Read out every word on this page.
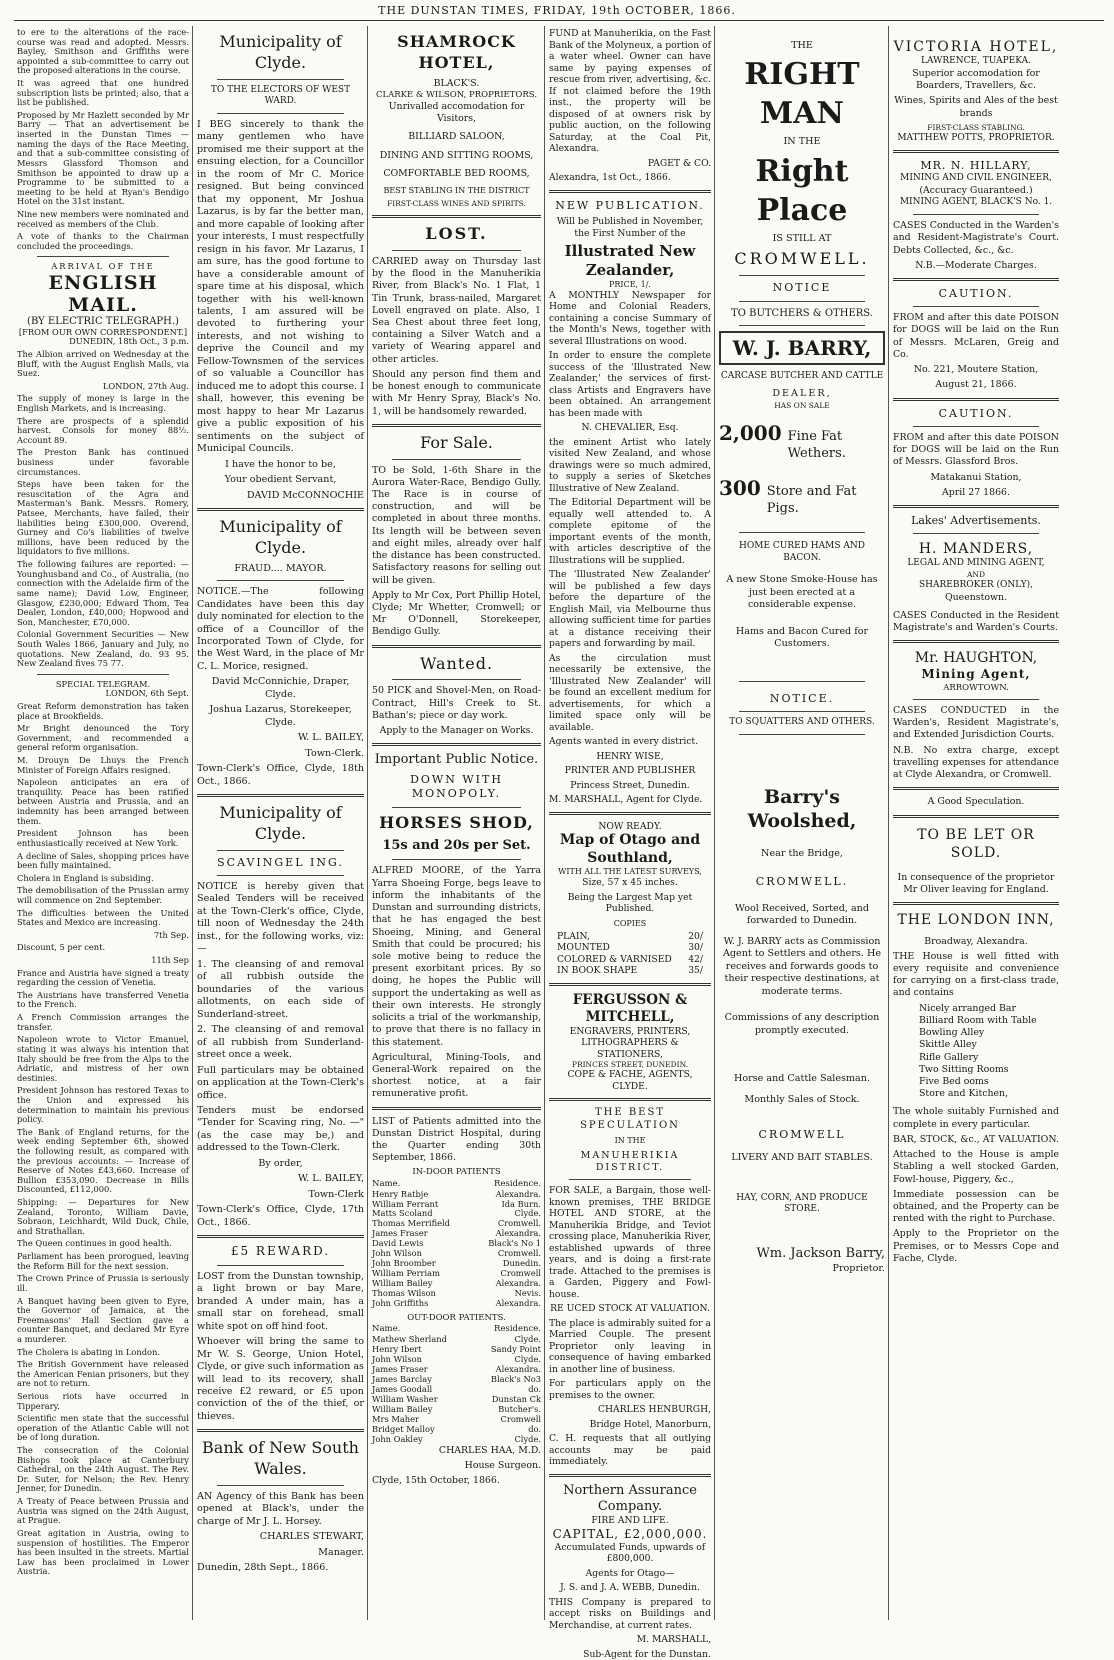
THE DUNSTAN TIMES, FRIDAY, 19th OCTOBER, 1866.

to ere to the alterations of the race-course was read and adopted. Messrs. Bayley, Smithson and Griffiths were appointed a sub-committee to carry out the proposed alterations in the course.

It was agreed that one hundred subscription lists be printed; also, that a list be published.

Proposed by Mr Hazlett seconded by Mr Barry — That an advertisement be inserted in the Dunstan Times — naming the days of the Race Meeting, and that a sub-committee consisting of Messrs Glassford Thomson and Smithson be appointed to draw up a Programme to be submitted to a meeting to be held at Ryan's Bendigo Hotel on the 31st instant.

Nine new members were nominated and received as members of the Club.

A vote of thanks to the Chairman concluded the proceedings.

ARRIVAL OF THE
ENGLISH MAIL.
(BY ELECTRIC TELEGRAPH.)
[FROM OUR OWN CORRESPONDENT.]

DUNEDIN, 18th Oct., 3 p.m.

The Albion arrived on Wednesday at the Bluff, with the August English Mails, via Suez.

LONDON, 27th Aug.

The supply of money is large in the English Markets, and is increasing.

There are prospects of a splendid harvest. Consols for money 88½. Account 89.

The Preston Bank has continued business under favorable circumstances.

Steps have been taken for the resuscitation of the Agra and Masterman's Bank. Messrs. Romery, Patsee, Merchants, have failed, their liabilities being £300,000. Overend, Gurney and Co's liabilities of twelve millions, have been reduced by the liquidators to five millions.

The following failures are reported: — Younghusband and Co., of Australia, (no connection with the Adelaide firm of the same name); David Low, Engineer, Glasgow, £230,000; Edward Thom, Tea Dealer, London, £40,000; Hopwood and Son, Manchester, £70,000.

Colonial Government Securities — New South Wales 1866, January and July, no quotations. New Zealand, do. 93 95. New Zealand fives 75 77.

SPECIAL TELEGRAM.

LONDON, 6th Sept.

Great Reform demonstration has taken place at Brookfields.

Mr Bright denounced the Tory Government, and recommended a general reform organisation.

M. Drouyn De Lhuys the French Minister of Foreign Affairs resigned.

Napoleon anticipates an era of tranquility. Peace has been ratified between Austria and Prussia, and an indemnity has been arranged between them.

President Johnson has been enthusiastically received at New York.

A decline of Sales, shopping prices have been fully maintained.

Cholera in England is subsiding.

The demobilisation of the Prussian army will commence on 2nd September.

The difficulties between the United States and Mexico are increasing.

7th Sep.

Discount, 5 per cent.

11th Sep

France and Austria have signed a treaty regarding the cession of Venetia.

The Austrians have transferred Venetia to the French.

A French Commission arranges the transfer.

Napoleon wrote to Victor Emanuel, stating it was always his intention that Italy should be free from the Alps to the Adriatic, and mistress of her own destinies.

President Johnson has restored Texas to the Union and expressed his determination to maintain his previous policy.

The Bank of England returns, for the week ending September 6th, showed the following result, as compared with the previous accounts: — Increase of Reserve of Notes £43,660. Increase of Bullion £353,090. Decrease in Bills Discounted, £112,000.

Shipping: — Departures for New Zealand, Toronto, William Davie, Sobraon, Leichhardt, Wild Duck, Chile, and Strathallan.

The Queen continues in good health.

Parliament has been prorogued, leaving the Reform Bill for the next session.

The Crown Prince of Prussia is seriously ill.

A Banquet having been given to Eyre, the Governor of Jamaica, at the Freemasons' Hall Section gave a counter Banquet, and declared Mr Eyre a murderer.

The Cholera is abating in London.

The British Government have released the American Fenian prisoners, but they are not to return.

Serious riots have occurred in Tipperary.

Scientific men state that the successful operation of the Atlantic Cable will not be of long duration.

The consecration of the Colonial Bishops took place at Canterbury Cathedral, on the 24th August. The Rev. Dr. Suter, for Nelson; the Rev. Henry Jenner, for Dunedin.

A Treaty of Peace between Prussia and Austria was signed on the 24th August, at Prague.

Great agitation in Austria, owing to suspension of hostilities. The Emperor has been insulted in the streets. Martial Law has been proclaimed in Lower Austria.

Municipality of Clyde.
TO THE ELECTORS OF WEST WARD.

I BEG sincerely to thank the many gentlemen who have promised me their support at the ensuing election, for a Councillor in the room of Mr C. Morice resigned. But being convinced that my opponent, Mr Joshua Lazarus, is by far the better man, and more capable of looking after your interests, I must respectfully resign in his favor. Mr Lazarus, I am sure, has the good fortune to have a considerable amount of spare time at his disposal, which together with his well-known talents, I am assured will be devoted to furthering your interests, and not wishing to deprive the Council and my Fellow-Townsmen of the services of so valuable a Councillor has induced me to adopt this course. I shall, however, this evening be most happy to hear Mr Lazarus give a public exposition of his sentiments on the subject of Municipal Councils.

I have the honor to be,

Your obedient Servant,

DAVID McCONNOCHIE

Municipality of Clyde.
FRAUD.... MAYOR.

NOTICE.—The following Candidates have been this day duly nominated for election to the office of a Councillor of the Incorporated Town of Clyde, for the West Ward, in the place of Mr C. L. Morice, resigned.

David McConnichie, Draper, Clyde.

Joshua Lazarus, Storekeeper, Clyde.

W. L. BAILEY,

Town-Clerk.

Town-Clerk's Office, Clyde, 18th Oct., 1866.

Municipality of Clyde.
SCAVINGEL ING.

NOTICE is hereby given that Sealed Tenders will be received at the Town-Clerk's office, Clyde, till noon of Wednesday the 24th inst., for the following works, viz:—

1. The cleansing of and removal of all rubbish outside the boundaries of the various allotments, on each side of Sunderland-street.

2. The cleansing of and removal of all rubbish from Sunderland-street once a week.

Full particulars may be obtained on application at the Town-Clerk's office.

Tenders must be endorsed "Tender for Scaving ring, No. —" (as the case may be,) and addressed to the Town-Clerk.

By order,

W. L. BAILEY,

Town-Clerk

Town-Clerk's Office, Clyde, 17th Oct., 1866.

£5 REWARD.

LOST from the Dunstan township, a light brown or bay Mare, branded A under main, has a small star on forehead, small white spot on off hind foot.

Whoever will bring the same to Mr W. S. George, Union Hotel, Clyde, or give such information as will lead to its recovery, shall receive £2 reward, or £5 upon conviction of the of the thief, or thieves.

Bank of New South Wales.

AN Agency of this Bank has been opened at Black's, under the charge of Mr J. L. Horsey.

CHARLES STEWART,

Manager.

Dunedin, 28th Sept., 1866.

SHAMROCK HOTEL,
BLACK'S.
CLARKE & WILSON, PROPRIETORS.

Unrivalled accomodation for Visitors,

BILLIARD SALOON,

DINING AND SITTING ROOMS,

COMFORTABLE BED ROOMS,

BEST STABLING IN THE DISTRICT

FIRST-CLASS WINES AND SPIRITS.

LOST.

CARRIED away on Thursday last by the flood in the Manuherikia River, from Black's No. 1 Flat, 1 Tin Trunk, brass-nailed, Margaret Lovell engraved on plate. Also, 1 Sea Chest about three feet long, containing a Silver Watch and a variety of Wearing apparel and other articles.

Should any person find them and be honest enough to communicate with Mr Henry Spray, Black's No. 1, will be handsomely rewarded.

For Sale.

TO be Sold, 1-6th Share in the Aurora Water-Race, Bendigo Gully. The Race is in course of construction, and will be completed in about three months. Its length will be between seven and eight miles, already over half the distance has been constructed. Satisfactory reasons for selling out will be given.

Apply to Mr Cox, Port Phillip Hotel, Clyde; Mr Whetter, Cromwell; or Mr O'Donnell, Storekeeper, Bendigo Gully.

Wanted.

50 PICK and Shovel-Men, on Road-Contract, Hill's Creek to St. Bathan's; piece or day work.

Apply to the Manager on Works.

Important Public Notice.
DOWN WITH MONOPOLY.
HORSES SHOD,
15s and 20s per Set.

ALFRED MOORE, of the Yarra Yarra Shoeing Forge, begs leave to inform the inhabitants of the Dunstan and surrounding districts, that he has engaged the best Shoeing, Mining, and General Smith that could be procured; his sole motive being to reduce the present exorbitant prices. By so doing, he hopes the Public will support the undertaking as well as their own interests. He strongly solicits a trial of the workmanship, to prove that there is no fallacy in this statement.

Agricultural, Mining-Tools, and General-Work repaired on the shortest notice, at a fair remunerative profit.

LIST of Patients admitted into the Dunstan District Hospital, during the Quarter ending 30th September, 1866.

IN-DOOR PATIENTS
Name.	Residence.
Henry Ratbje	Alexandra.
William Ferrant	Ida Burn.
Matts Scoland	Clyde.
Thomas Merrifield	Cromwell.
James Fraser	Alexandra.
David Lewis	Black's No 1
John Wilson	Cromwell.
John Broomber	Dunedin.
William Perriam	Cromwell
William Bailey	Alexandra.
Thomas Wilson	Nevis.
John Griffiths	Alexandra.
OUT-DOOR PATIENTS.
Name.	Residence.
Mathew Sherland	Clyde.
Henry Ibert	Sandy Point
John Wilson	Clyde.
James Fraser	Alexandra.
James Barclay	Black's No3
James Goodall	do.
William Washer	Dunstan Ck
William Bailey	Butcher's.
Mrs Maher	Cromwell
Bridget Malloy	do.
John Oakley	Clyde.

CHARLES HAA, M.D.

House Surgeon.

Clyde, 15th October, 1866.

FUND at Manuherikia, on the Fast Bank of the Molyneux, a portion of a water wheel. Owner can have same by paying expenses of rescue from river, advertising, &c. If not claimed before the 19th inst., the property will be disposed of at owners risk by public auction, on the following Saturday, at the Coal Pit, Alexandra.

PAGET & CO.

Alexandra, 1st Oct., 1866.

NEW PUBLICATION.

Will be Published in November, the First Number of the

Illustrated New Zealander,
PRICE, 1/.

A MONTHLY Newspaper for Home and Colonial Readers, containing a concise Summary of the Month's News, together with several Illustrations on wood.

In order to ensure the complete success of the 'Illustrated New Zealander,' the services of first-class Artists and Engravers have been obtained. An arrangement has been made with

N. CHEVALIER, Esq.

the eminent Artist who lately visited New Zealand, and whose drawings were so much admired, to supply a series of Sketches Illustrative of New Zealand.

The Editorial Department will be equally well attended to. A complete epitome of the important events of the month, with articles descriptive of the Illustrations will be supplied.

The 'Illustrated New Zealander' will be published a few days before the departure of the English Mail, via Melbourne thus allowing sufficient time for parties at a distance receiving their papers and forwarding by mail.

As the circulation must necessarily be extensive, the 'Illustrated New Zealander' will be found an excellent medium for advertisements, for which a limited space only will be available.

Agents wanted in every district.

HENRY WISE,

PRINTER AND PUBLISHER

Princess Street, Dunedin.

M. MARSHALL, Agent for Clyde.

NOW READY.
Map of Otago and Southland,
WITH ALL THE LATEST SURVEYS,

Size, 57 x 45 inches.

Being the Largest Map yet Published.

COPIES
PLAIN,	20/
MOUNTED	30/
COLORED & VARNISED 42/
IN BOOK SHAPE	35/
FERGUSSON & MITCHELL,
ENGRAVERS, PRINTERS,
LITHOGRAPHERS & STATIONERS,
PRINCES STREET, DUNEDIN.
COPE & FACHE, AGENTS, CLYDE.
THE BEST SPECULATION
IN THE
MANUHERIKIA DISTRICT.

FOR SALE, a Bargain, those well-known premises, THE BRIDGE HOTEL AND STORE, at the Manuherikia Bridge, and Teviot crossing place, Manuherikia River, established upwards of three years, and is doing a first-rate trade. Attached to the premises is a Garden, Piggery and Fowl-house.

RE UCED STOCK AT VALUATION.

The place is admirably suited for a Married Couple. The present Proprietor only leaving in consequence of having embarked in another line of business.

For particulars apply on the premises to the owner.

CHARLES HENBURGH,

Bridge Hotel, Manorburn,

C. H. requests that all outlying accounts may be paid immediately.

Northern Assurance Company.
FIRE AND LIFE.
CAPITAL, £2,000,000.

Accumulated Funds, upwards of £800,000.

Agents for Otago—

J. S. and J. A. WEBB, Dunedin.

THIS Company is prepared to accept risks on Buildings and Merchandise, at current rates.

M. MARSHALL,

Sub-Agent for the Dunstan.

THE
RIGHT MAN
IN THE
Right Place
IS STILL AT
CROMWELL.
NOTICE
TO BUTCHERS & OTHERS.
W. J. BARRY,
CARCASE BUTCHER AND CATTLE
DEALER,
HAS ON SALE
2,000 Fine Fat Wethers.
300 Store and Fat Pigs.
HOME CURED HAMS AND BACON.

A new Stone Smoke-House has just been erected at a considerable expense.

Hams and Bacon Cured for Customers.

NOTICE.
TO SQUATTERS AND OTHERS.
Barry's Woolshed,

Near the Bridge,

CROMWELL.

Wool Received, Sorted, and forwarded to Dunedin.

W. J. BARRY acts as Commission Agent to Settlers and others. He receives and forwards goods to their respective destinations, at moderate terms.

Commissions of any description promptly executed.

Horse and Cattle Salesman.

Monthly Sales of Stock.

CROMWELL
LIVERY AND BAIT STABLES.
HAY, CORN, AND PRODUCE STORE.
Wm. Jackson Barry,
Proprietor.
VICTORIA HOTEL,
LAWRENCE, TUAPEKA.

Superior accomodation for Boarders, Travellers, &c.

Wines, Spirits and Ales of the best brands

FIRST-CLASS STABLING.
MATTHEW POTTS, PROPRIETOR.
MR. N. HILLARY,
MINING AND CIVIL ENGINEER,
(Accuracy Guaranteed.)
MINING AGENT, BLACK'S No. 1.

CASES Conducted in the Warden's and Resident-Magistrate's Court. Debts Collected, &c., &c.

N.B.—Moderate Charges.

CAUTION.

FROM and after this date POISON for DOGS will be laid on the Run of Messrs. McLaren, Greig and Co.

No. 221, Moutere Station,

August 21, 1866.

CAUTION.

FROM and after this date POISON for DOGS will be laid on the Run of Messrs. Glassford Bros.

Matakanui Station,

April 27 1866.

Lakes' Advertisements.
H. MANDERS,
LEGAL AND MINING AGENT,
AND
SHAREBROKER (ONLY),
Queenstown.

CASES Conducted in the Resident Magistrate's and Warden's Courts.

Mr. HAUGHTON,
Mining Agent,
ARROWTOWN.

CASES CONDUCTED in the Warden's, Resident Magistrate's, and Extended Jurisdiction Courts.

N.B. No extra charge, except travelling expenses for attendance at Clyde Alexandra, or Cromwell.

A Good Speculation.
TO BE LET OR SOLD.

In consequence of the proprietor Mr Oliver leaving for England.

THE LONDON INN,

Broadway, Alexandra.

THE House is well fitted with every requisite and convenience for carrying on a first-class trade, and contains

Nicely arranged Bar
Billiard Room with Table
Bowling Alley
Skittle Alley
Rifle Gallery
Two Sitting Rooms
Five Bed ooms
Store and Kitchen,

The whole suitably Furnished and complete in every particular.

BAR, STOCK, &c., AT VALUATION.

Attached to the House is ample Stabling a well stocked Garden, Fowl-house, Piggery, &c.,

Immediate possession can be obtained, and the Property can be rented with the right to Purchase.

Apply to the Proprietor on the Premises, or to Messrs Cope and Fache, Clyde.
